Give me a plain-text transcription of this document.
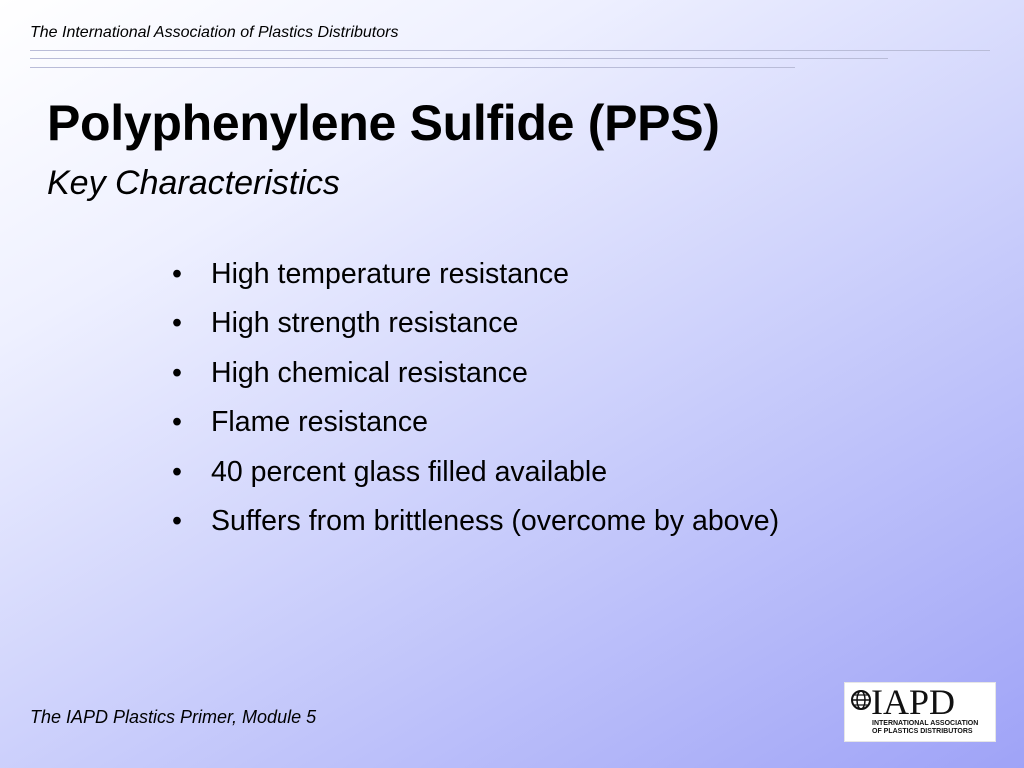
The International Association of Plastics Distributors
Polyphenylene Sulfide (PPS)
Key Characteristics
•	High temperature resistance
•	High strength resistance
•	High chemical resistance
•	Flame resistance
•	40 percent glass filled available
•	Suffers from brittleness (overcome by above)
The IAPD Plastics Primer, Module 5	IAPD
INTERNATIONAL ASSOCIATION
OF PLASTICS DISTRIBUTORS
